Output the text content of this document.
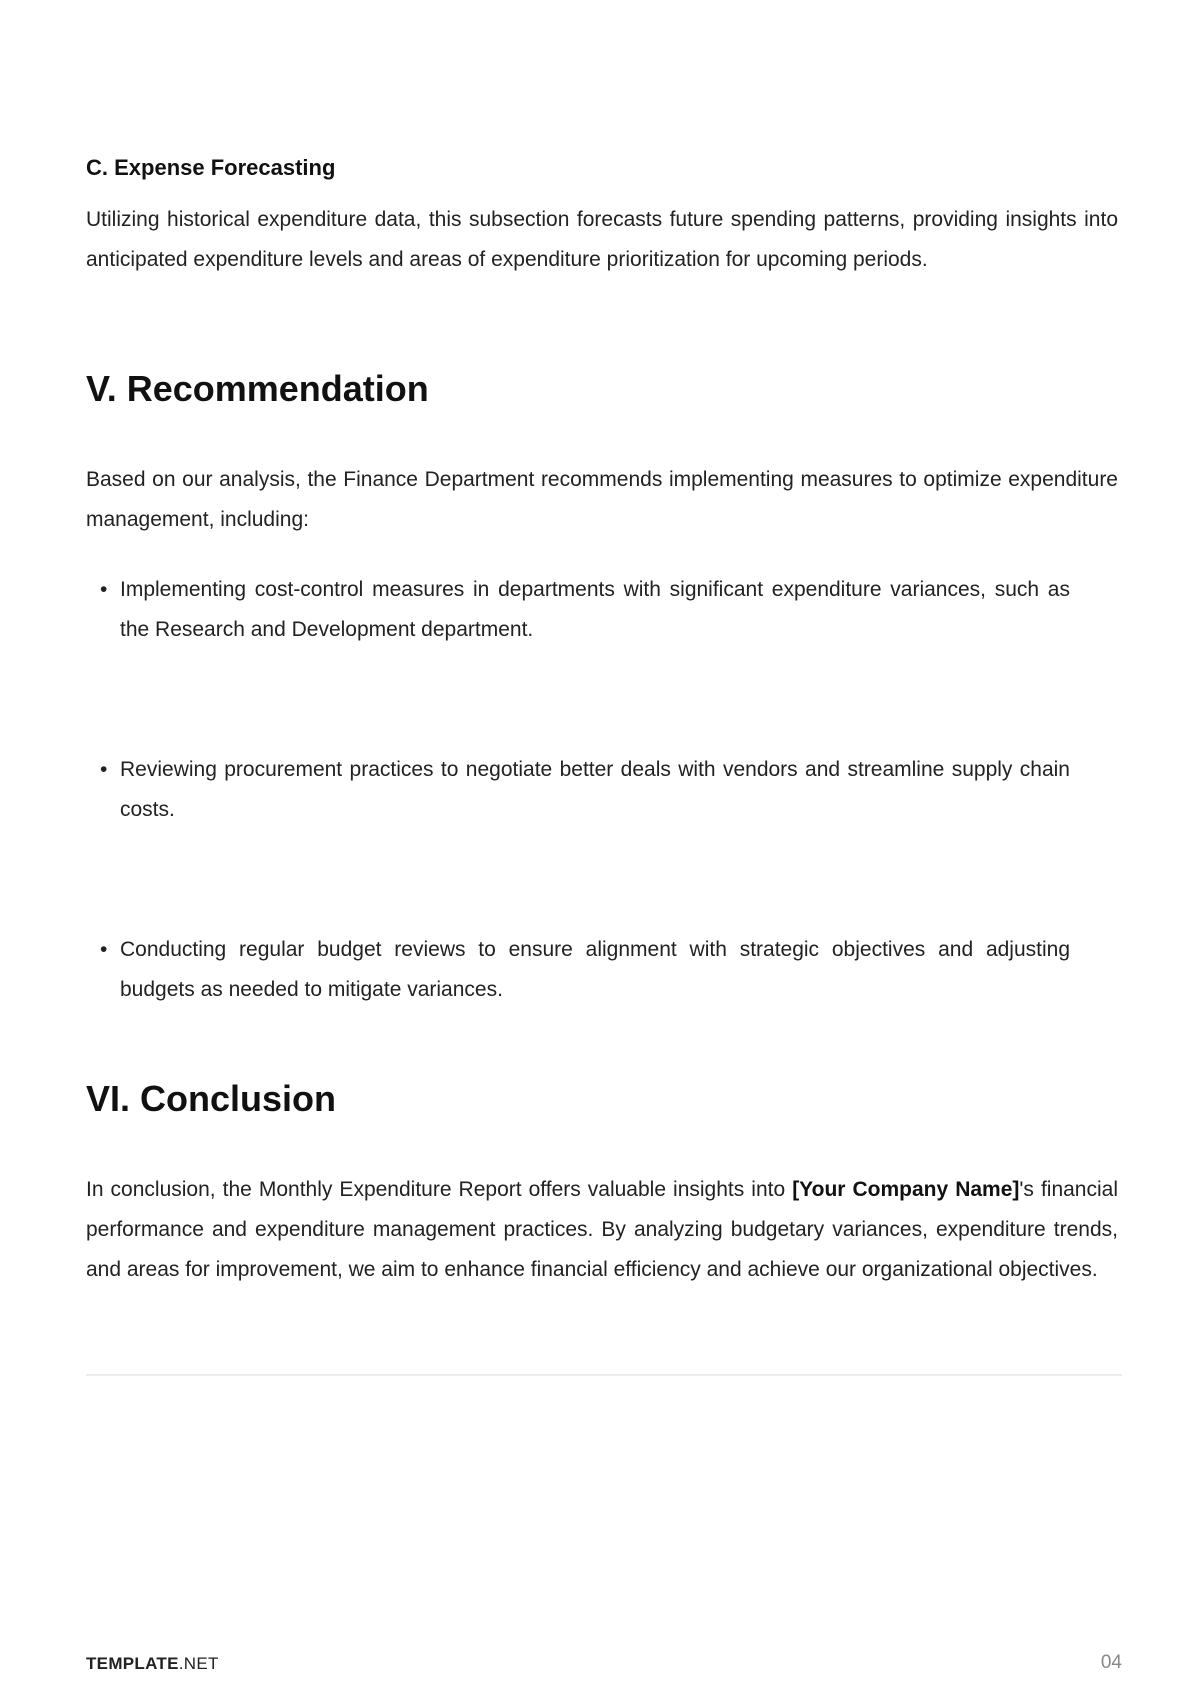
C. Expense Forecasting

Utilizing historical expenditure data, this subsection forecasts future spending patterns, providing insights into anticipated expenditure levels and areas of expenditure prioritization for upcoming periods.

V. Recommendation

Based on our analysis, the Finance Department recommends implementing measures to optimize expenditure management, including:

• Implementing cost-control measures in departments with significant expenditure variances, such as the Research and Development department.
• Reviewing procurement practices to negotiate better deals with vendors and streamline supply chain costs.
• Conducting regular budget reviews to ensure alignment with strategic objectives and adjusting budgets as needed to mitigate variances.
VI. Conclusion

In conclusion, the Monthly Expenditure Report offers valuable insights into [Your Company Name]'s financial performance and expenditure management practices. By analyzing budgetary variances, expenditure trends, and areas for improvement, we aim to enhance financial efficiency and achieve our organizational objectives.

TEMPLATE.NET	04
